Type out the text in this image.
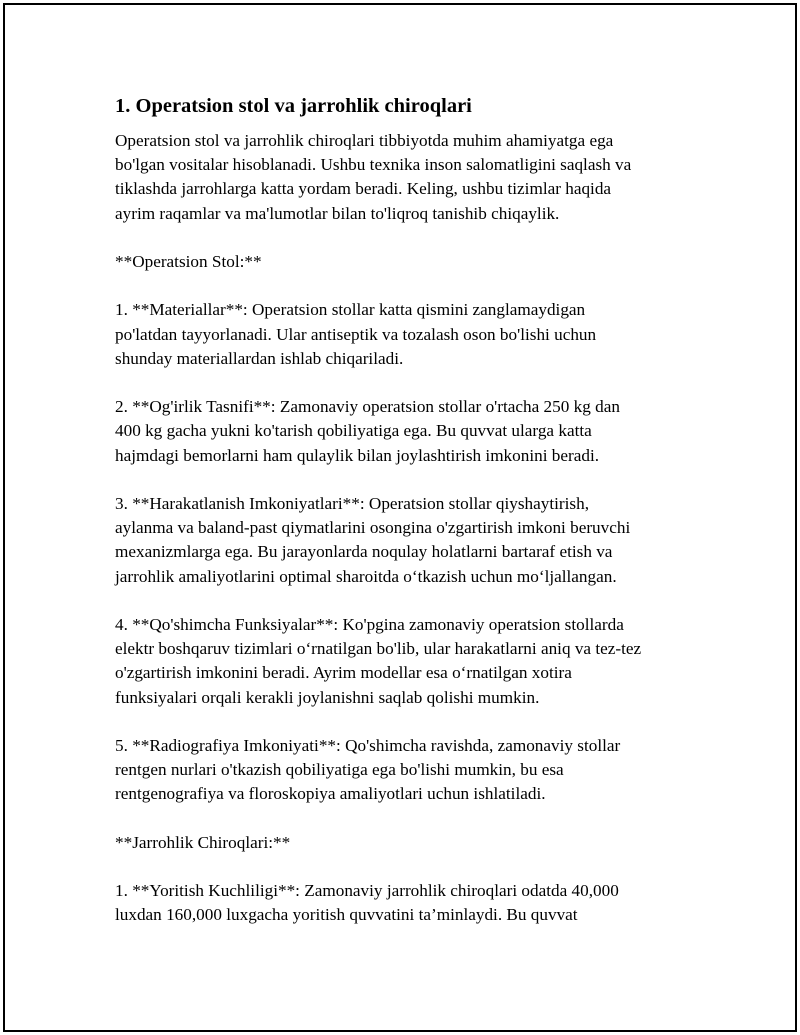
1. Operatsion stol va jarrohlik chiroqlari

Operatsion stol va jarrohlik chiroqlari tibbiyotda muhim ahamiyatga ega
bo'lgan vositalar hisoblanadi. Ushbu texnika inson salomatligini saqlash va
tiklashda jarrohlarga katta yordam beradi. Keling, ushbu tizimlar haqida
ayrim raqamlar va ma'lumotlar bilan to'liqroq tanishib chiqaylik.

**Operatsion Stol:**

1. **Materiallar**: Operatsion stollar katta qismini zanglamaydigan
po'latdan tayyorlanadi. Ular antiseptik va tozalash oson bo'lishi uchun
shunday materiallardan ishlab chiqariladi.

2. **Og'irlik Tasnifi**: Zamonaviy operatsion stollar o'rtacha 250 kg dan
400 kg gacha yukni ko'tarish qobiliyatiga ega. Bu quvvat ularga katta
hajmdagi bemorlarni ham qulaylik bilan joylashtirish imkonini beradi.

3. **Harakatlanish Imkoniyatlari**: Operatsion stollar qiyshaytirish,
aylanma va baland-past qiymatlarini osongina o'zgartirish imkoni beruvchi
mexanizmlarga ega. Bu jarayonlarda noqulay holatlarni bartaraf etish va
jarrohlik amaliyotlarini optimal sharoitda o‘tkazish uchun mo‘ljallangan.

4. **Qo'shimcha Funksiyalar**: Ko'pgina zamonaviy operatsion stollarda
elektr boshqaruv tizimlari o‘rnatilgan bo'lib, ular harakatlarni aniq va tez-tez
o'zgartirish imkonini beradi. Ayrim modellar esa o‘rnatilgan xotira
funksiyalari orqali kerakli joylanishni saqlab qolishi mumkin.

5. **Radiografiya Imkoniyati**: Qo'shimcha ravishda, zamonaviy stollar
rentgen nurlari o'tkazish qobiliyatiga ega bo'lishi mumkin, bu esa
rentgenografiya va floroskopiya amaliyotlari uchun ishlatiladi.

**Jarrohlik Chiroqlari:**

1. **Yoritish Kuchliligi**: Zamonaviy jarrohlik chiroqlari odatda 40,000
luxdan 160,000 luxgacha yoritish quvvatini ta’minlaydi. Bu quvvat
